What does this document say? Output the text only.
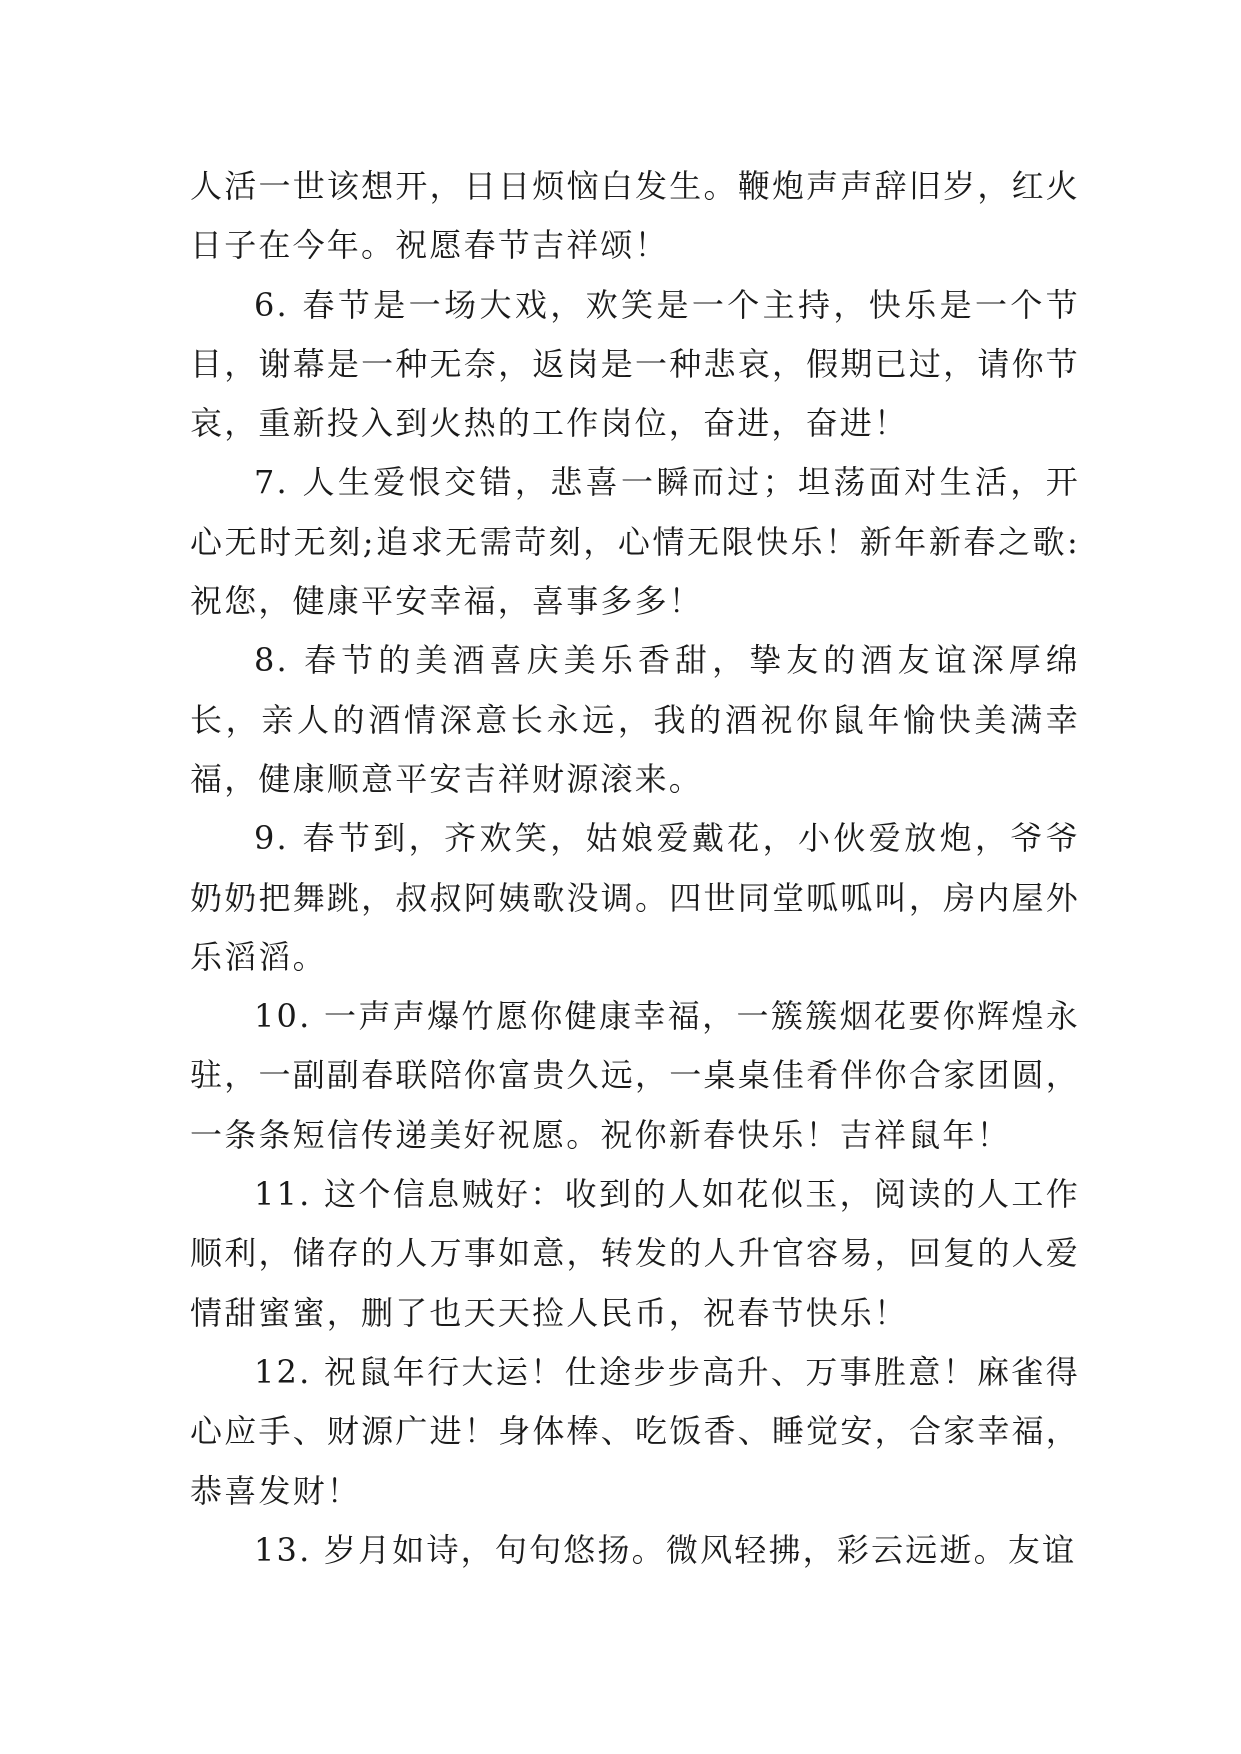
人活一世该想开，日日烦恼白发生。鞭炮声声辞旧岁，红火日子在今年。祝愿春节吉祥颂！

6. 春节是一场大戏，欢笑是一个主持，快乐是一个节目，谢幕是一种无奈，返岗是一种悲哀，假期已过，请你节哀，重新投入到火热的工作岗位，奋进，奋进！

7. 人生爱恨交错，悲喜一瞬而过；坦荡面对生活，开心无时无刻;追求无需苛刻，心情无限快乐！新年新春之歌:祝您，健康平安幸福，喜事多多！

8. 春节的美酒喜庆美乐香甜，挚友的酒友谊深厚绵长，亲人的酒情深意长永远，我的酒祝你鼠年愉快美满幸福，健康顺意平安吉祥财源滚来。

9. 春节到，齐欢笑，姑娘爱戴花，小伙爱放炮，爷爷奶奶把舞跳，叔叔阿姨歌没调。四世同堂呱呱叫，房内屋外乐滔滔。

10. 一声声爆竹愿你健康幸福，一簇簇烟花要你辉煌永驻，一副副春联陪你富贵久远，一桌桌佳肴伴你合家团圆，一条条短信传递美好祝愿。祝你新春快乐！吉祥鼠年！

11. 这个信息贼好：收到的人如花似玉，阅读的人工作顺利，储存的人万事如意，转发的人升官容易，回复的人爱情甜蜜蜜，删了也天天捡人民币，祝春节快乐！

12. 祝鼠年行大运！仕途步步高升、万事胜意！麻雀得心应手、财源广进！身体棒、吃饭香、睡觉安，合家幸福，恭喜发财！

13. 岁月如诗，句句悠扬。微风轻拂，彩云远逝。友谊
